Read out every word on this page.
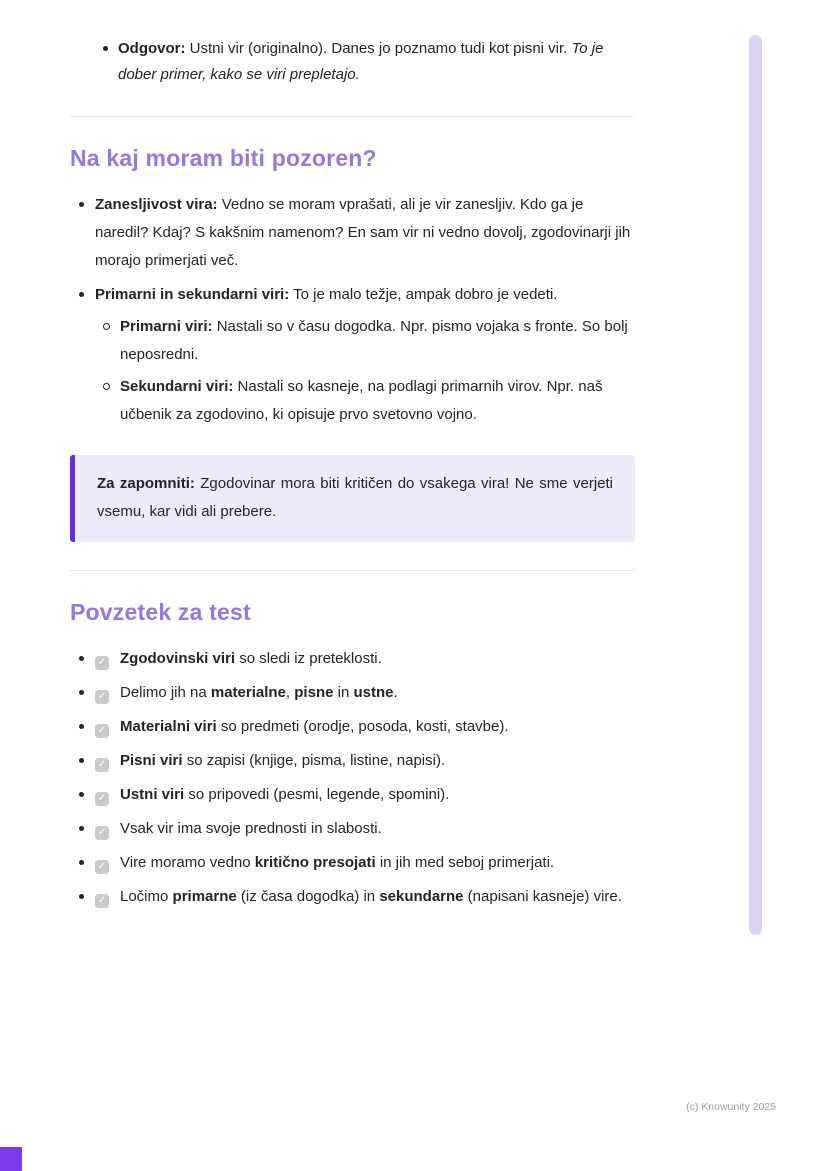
Odgovor: Ustni vir (originalno). Danes jo poznamo tudi kot pisni vir. To je dober primer, kako se viri prepletajo.
Na kaj moram biti pozoren?
Zanesljivost vira: Vedno se moram vprašati, ali je vir zanesljiv. Kdo ga je naredil? Kdaj? S kakšnim namenom? En sam vir ni vedno dovolj, zgodovinarji jih morajo primerjati več.
Primarni in sekundarni viri: To je malo težje, ampak dobro je vedeti.
Primarni viri: Nastali so v času dogodka. Npr. pismo vojaka s fronte. So bolj neposredni.
Sekundarni viri: Nastali so kasneje, na podlagi primarnih virov. Npr. naš učbenik za zgodovino, ki opisuje prvo svetovno vojno.

Za zapomniti: Zgodovinar mora biti kritičen do vsakega vira! Ne sme verjeti vsemu, kar vidi ali prebere.

Povzetek za test
✓ Zgodovinski viri so sledi iz preteklosti.
✓ Delimo jih na materialne, pisne in ustne.
✓ Materialni viri so predmeti (orodje, posoda, kosti, stavbe).
✓ Pisni viri so zapisi (knjige, pisma, listine, napisi).
✓ Ustni viri so pripovedi (pesmi, legende, spomini).
✓ Vsak vir ima svoje prednosti in slabosti.
✓ Vire moramo vedno kritično presojati in jih med seboj primerjati.
✓ Ločimo primarne (iz časa dogodka) in sekundarne (napisani kasneje) vire.
(c) Knowunity 2025
